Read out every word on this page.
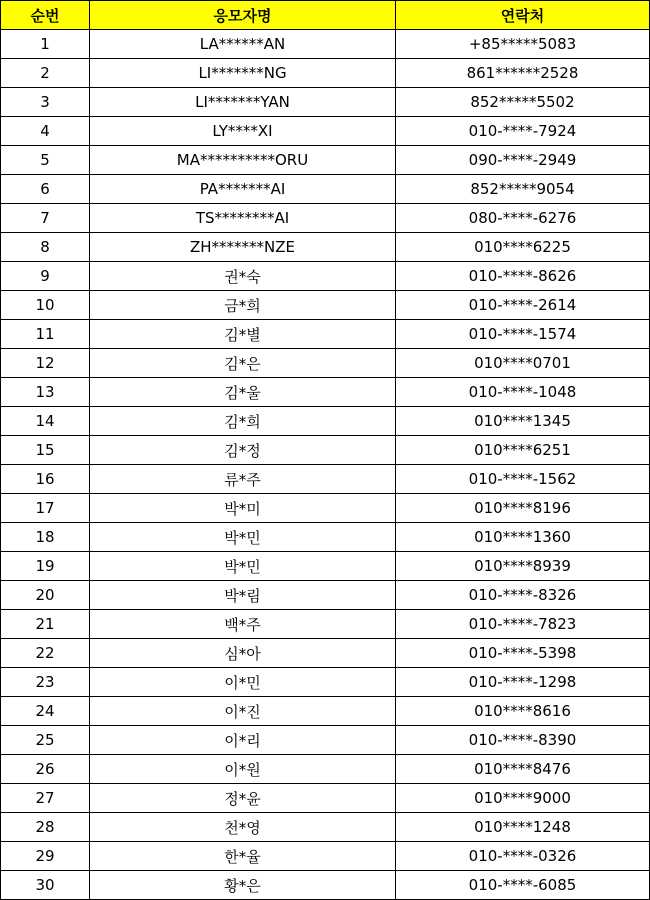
순번	응모자명	연락처
1	LA******AN	+85*****5083
2	LI*******NG	861******2528
3	LI*******YAN	852*****5502
4	LY****XI	010-****-7924
5	MA**********ORU	090-****-2949
6	PA*******AI	852*****9054
7	TS********AI	080-****-6276
8	ZH*******NZE	010****6225
9	권*숙	010-****-8626
10	금*희	010-****-2614
11	김*별	010-****-1574
12	김*은	010****0701
13	김*울	010-****-1048
14	김*희	010****1345
15	김*정	010****6251
16	류*주	010-****-1562
17	박*미	010****8196
18	박*민	010****1360
19	박*민	010****8939
20	박*림	010-****-8326
21	백*주	010-****-7823
22	심*아	010-****-5398
23	이*민	010-****-1298
24	이*진	010****8616
25	이*리	010-****-8390
26	이*원	010****8476
27	정*윤	010****9000
28	천*영	010****1248
29	한*율	010-****-0326
30	황*은	010-****-6085
